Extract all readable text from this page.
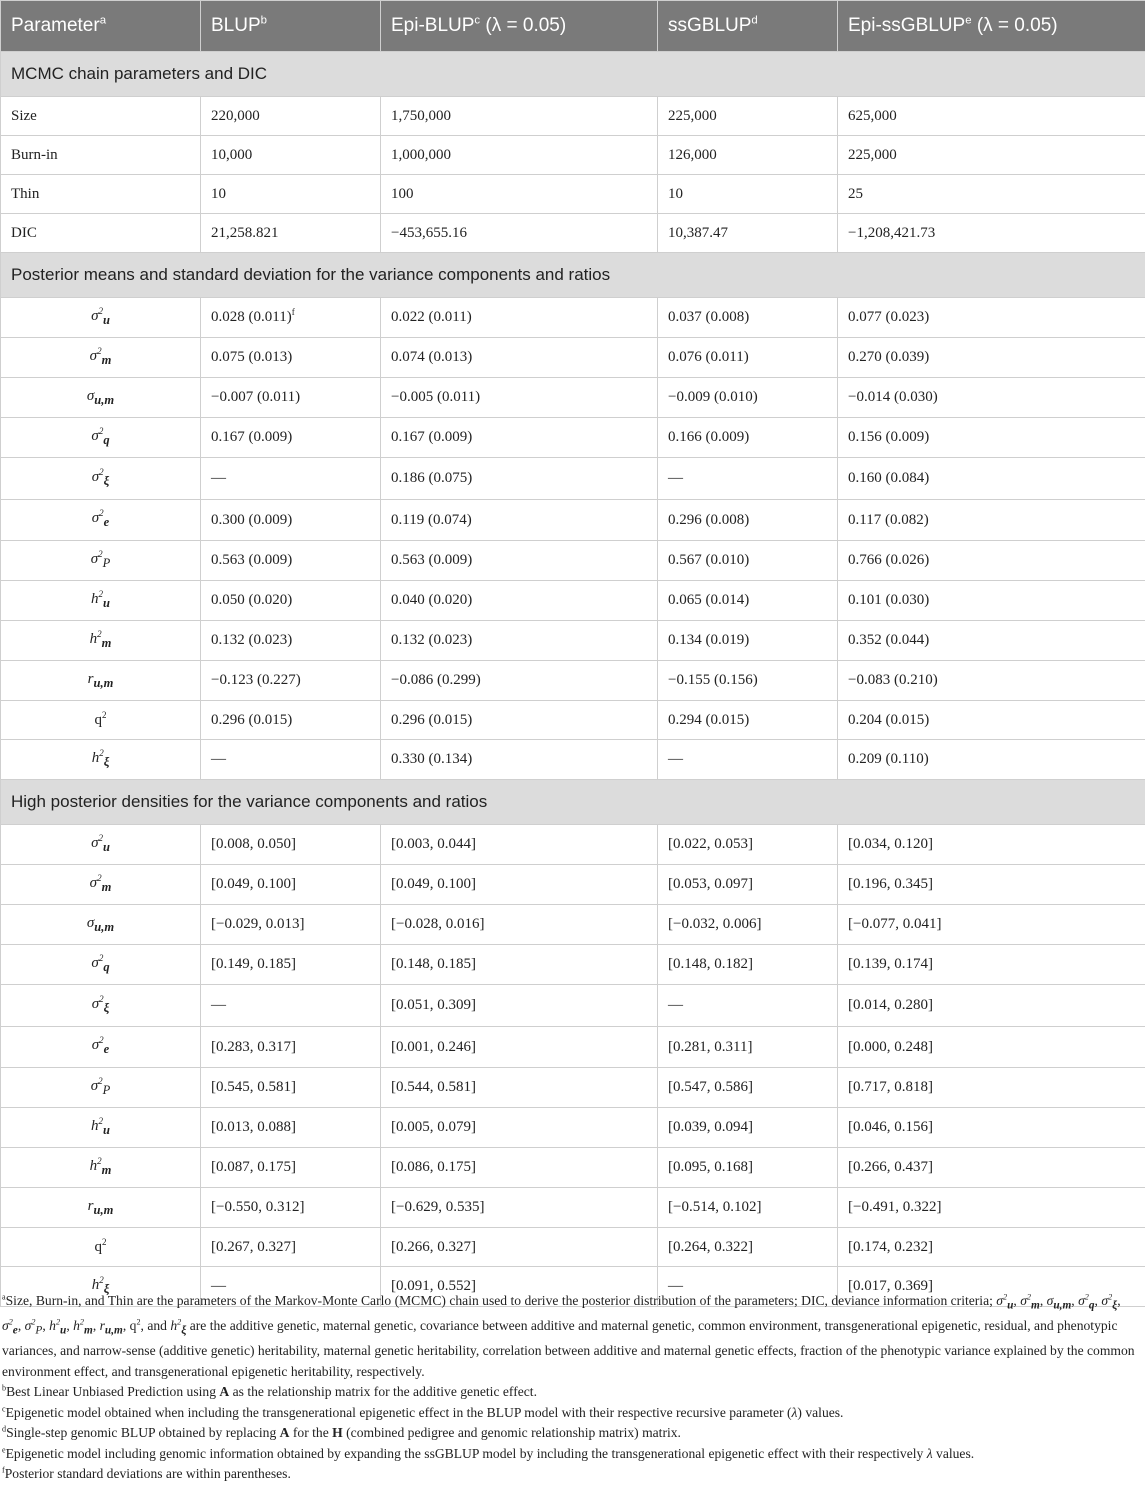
Parameter$^a$	BLUP$^b$	Epi-BLUP$^c$ (λ = 0.05)	ssGBLUP$^d$	Epi-ssGBLUP$^e$ (λ = 0.05)
MCMC chain parameters and DIC				
Size	220,000	1,750,000	225,000	625,000
Burn-in	10,000	1,000,000	126,000	225,000
Thin	10	100	10	25
DIC	21,258.821	−453,655.16	10,387.47	−1,208,421.73
Posterior means and standard deviation for the variance components and ratios				
$\sigma^2_u$	0.028 $(0.011)^f$	0.022 (0.011)	0.037 (0.008)	0.077 (0.023)
$\sigma^2_m$	0.075 (0.013)	0.074 (0.013)	0.076 (0.011)	0.270 (0.039)
$\sigma_{u,m}$	−0.007 (0.011)	−0.005 (0.011)	−0.009 (0.010)	−0.014 (0.030)
$\sigma^2_q$	0.167 (0.009)	0.167 (0.009)	0.166 (0.009)	0.156 (0.009)
$\sigma^2_\xi$	—	0.186 (0.075)	—	0.160 (0.084)
$\sigma^2_e$	0.300 (0.009)	0.119 (0.074)	0.296 (0.008)	0.117 (0.082)
$\sigma^2_P$	0.563 (0.009)	0.563 (0.009)	0.567 (0.010)	0.766 (0.026)
$h^2_u$	0.050 (0.020)	0.040 (0.020)	0.065 (0.014)	0.101 (0.030)
$h^2_m$	0.132 (0.023)	0.132 (0.023)	0.134 (0.019)	0.352 (0.044)
$r_{u,m}$	−0.123 (0.227)	−0.086 (0.299)	−0.155 (0.156)	−0.083 (0.210)
$q^2$	0.296 (0.015)	0.296 (0.015)	0.294 (0.015)	0.204 (0.015)
$h^2_\xi$	—	0.330 (0.134)	—	0.209 (0.110)
High posterior densities for the variance components and ratios				
$\sigma^2_u$	[0.008, 0.050]	[0.003, 0.044]	[0.022, 0.053]	[0.034, 0.120]
$\sigma^2_m$	[0.049, 0.100]	[0.049, 0.100]	[0.053, 0.097]	[0.196, 0.345]
$\sigma_{u,m}$	[−0.029, 0.013]	[−0.028, 0.016]	[−0.032, 0.006]	[−0.077, 0.041]
$\sigma^2_q$	[0.149, 0.185]	[0.148, 0.185]	[0.148, 0.182]	[0.139, 0.174]
$\sigma^2_\xi$	—	[0.051, 0.309]	—	[0.014, 0.280]
$\sigma^2_e$	[0.283, 0.317]	[0.001, 0.246]	[0.281, 0.311]	[0.000, 0.248]
$\sigma^2_P$	[0.545, 0.581]	[0.544, 0.581]	[0.547, 0.586]	[0.717, 0.818]
$h^2_u$	[0.013, 0.088]	[0.005, 0.079]	[0.039, 0.094]	[0.046, 0.156]
$h^2_m$	[0.087, 0.175]	[0.086, 0.175]	[0.095, 0.168]	[0.266, 0.437]
$r_{u,m}$	[−0.550, 0.312]	[−0.629, 0.535]	[−0.514, 0.102]	[−0.491, 0.322]
$q^2$	[0.267, 0.327]	[0.266, 0.327]	[0.264, 0.322]	[0.174, 0.232]
$h^2_\xi$	—	[0.091, 0.552]	—	[0.017, 0.369]

$^a$Size, Burn-in, and Thin are the parameters of the Markov-Monte Carlo (MCMC) chain used to derive the posterior distribution of the parameters; DIC, deviance information criteria; $\sigma^2_u$, $\sigma^2_m$, $\sigma_{u,m}$, $\sigma^2_q$, $\sigma^2_\xi$, $\sigma^2_e$, $\sigma^2_P$, $h^2_u$, $h^2_m$, $r_{u,m}$, $q^2$, and $h^2_\xi$ are the additive genetic, maternal genetic, covariance between additive and maternal genetic, common environment, transgenerational epigenetic, residual, and phenotypic variances, and narrow-sense (additive genetic) heritability, maternal genetic heritability, correlation between additive and maternal genetic effects, fraction of the phenotypic variance explained by the common environment effect, and transgenerational epigenetic heritability, respectively.

$^b$Best Linear Unbiased Prediction using A as the relationship matrix for the additive genetic effect.

$^c$Epigenetic model obtained when including the transgenerational epigenetic effect in the BLUP model with their respective recursive parameter (λ) values.

$^d$Single-step genomic BLUP obtained by replacing A for the H (combined pedigree and genomic relationship matrix) matrix.

$^e$Epigenetic model including genomic information obtained by expanding the ssGBLUP model by including the transgenerational epigenetic effect with their respectively λ values.

$^f$Posterior standard deviations are within parentheses.
